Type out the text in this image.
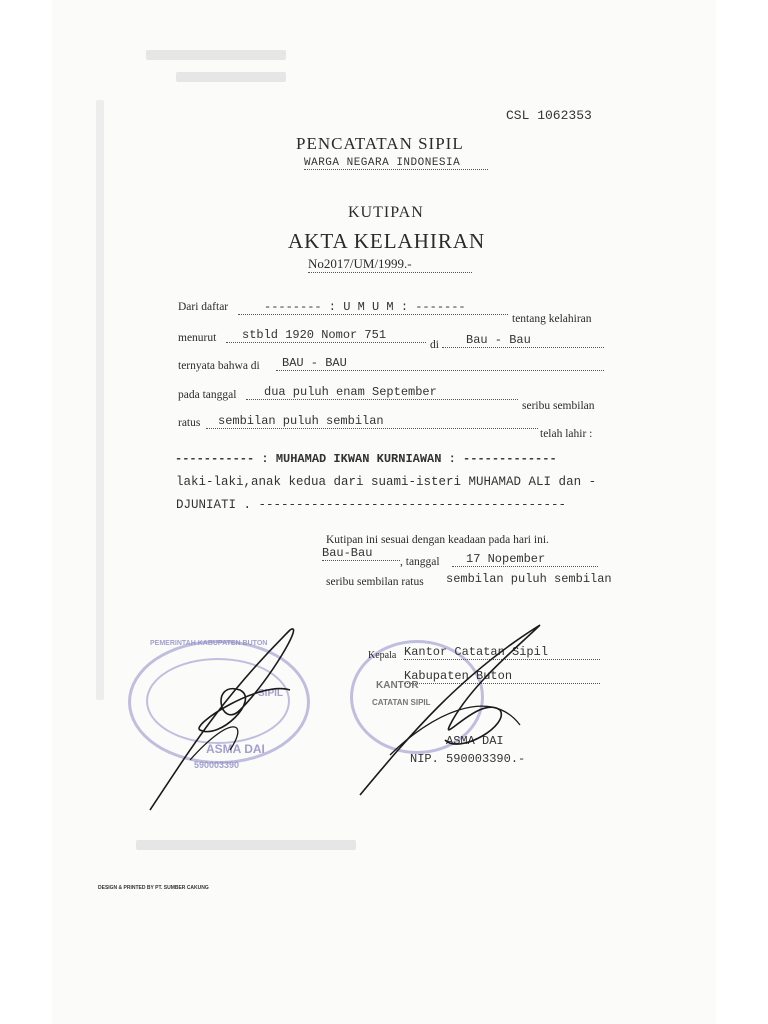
CSL 1062353
PENCATATAN SIPIL
WARGA NEGARA INDONESIA
KUTIPAN
AKTA KELAHIRAN
No2017/UM/1999.-
Dari daftar	-------- : U M U M : -------
tentang kelahiran
menurut	stbld 1920 Nomor 751
di	Bau - Bau
ternyata bahwa di	BAU - BAU
pada tanggal	dua puluh enam September
seribu sembilan
ratus	sembilan puluh sembilan
telah lahir :
----------- : MUHAMAD IKWAN KURNIAWAN : -------------
laki-laki,anak kedua dari suami-isteri MUHAMAD ALI dan -
DJUNIATI . -----------------------------------------
Kutipan ini sesuai dengan keadaan pada hari ini.
Bau-Bau
, tanggal	17 Nopember
seribu sembilan ratus sembilan puluh sembilan
PEMERINTAH KABUPATEN BUTON
SIPIL
ASMA DAI
590003390
KANTOR
CATATAN SIPIL
Kepala Kantor Catatan Sipil
Kabupaten Buton
ASMA DAI
NIP. 590003390.-
DESIGN & PRINTED BY PT. SUMBER CAKUNG
